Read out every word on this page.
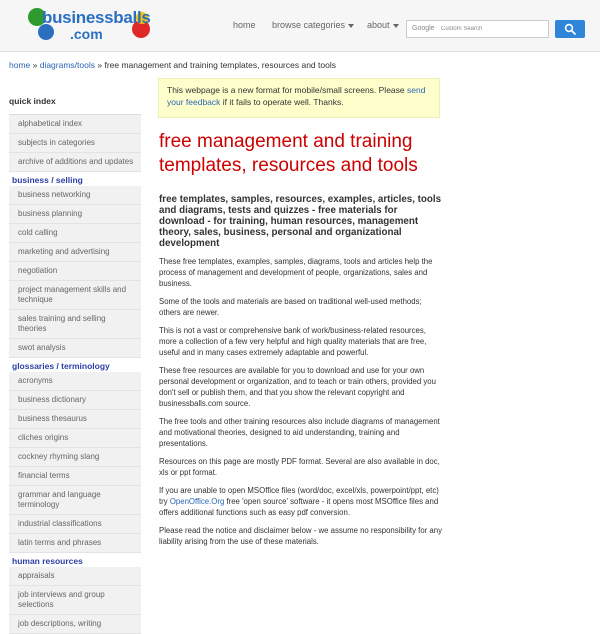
businessballs
.com
home browse categories	about	Google
Custom Search
home » diagrams/tools » free management and training templates, resources and tools
quick index
alphabetical index
subjects in categories
archive of additions and updates
business / selling
business networking
business planning
cold calling
marketing and advertising
negotiation
project management skills and technique
sales training and selling theories
swot analysis
glossaries / terminology
acronyms
business dictionary
business thesaurus
cliches origins
cockney rhyming slang
financial terms
grammar and language terminology
industrial classifications
latin terms and phrases
human resources
appraisals
job interviews and group selections
job descriptions, writing
This webpage is a new format for mobile/small screens. Please send your feedback if it fails to operate well. Thanks.
free management and training templates, resources and tools
free templates, samples, resources, examples, articles, tools and diagrams, tests and quizzes - free materials for download - for training, human resources, management theory, sales, business, personal and organizational development

These free templates, examples, samples, diagrams, tools and articles help the process of management and development of people, organizations, sales and business.

Some of the tools and materials are based on traditional well-used methods; others are newer.

This is not a vast or comprehensive bank of work/business-related resources, more a collection of a few very helpful and high quality materials that are free, useful and in many cases extremely adaptable and powerful.

These free resources are available for you to download and use for your own personal development or organization, and to teach or train others, provided you don't sell or publish them, and that you show the relevant copyright and businessballs.com source.

The free tools and other training resources also include diagrams of management and motivational theories, designed to aid understanding, training and presentations.

Resources on this page are mostly PDF format. Several are also available in doc, xls or ppt format.

If you are unable to open MSOffice files (word/doc, excel/xls, powerpoint/ppt, etc) try OpenOffice.Org free 'open source' software - it opens most MSOffice files and offers additional functions such as easy pdf conversion.

Please read the notice and disclaimer below - we assume no responsibility for any liability arising from the use of these materials.
